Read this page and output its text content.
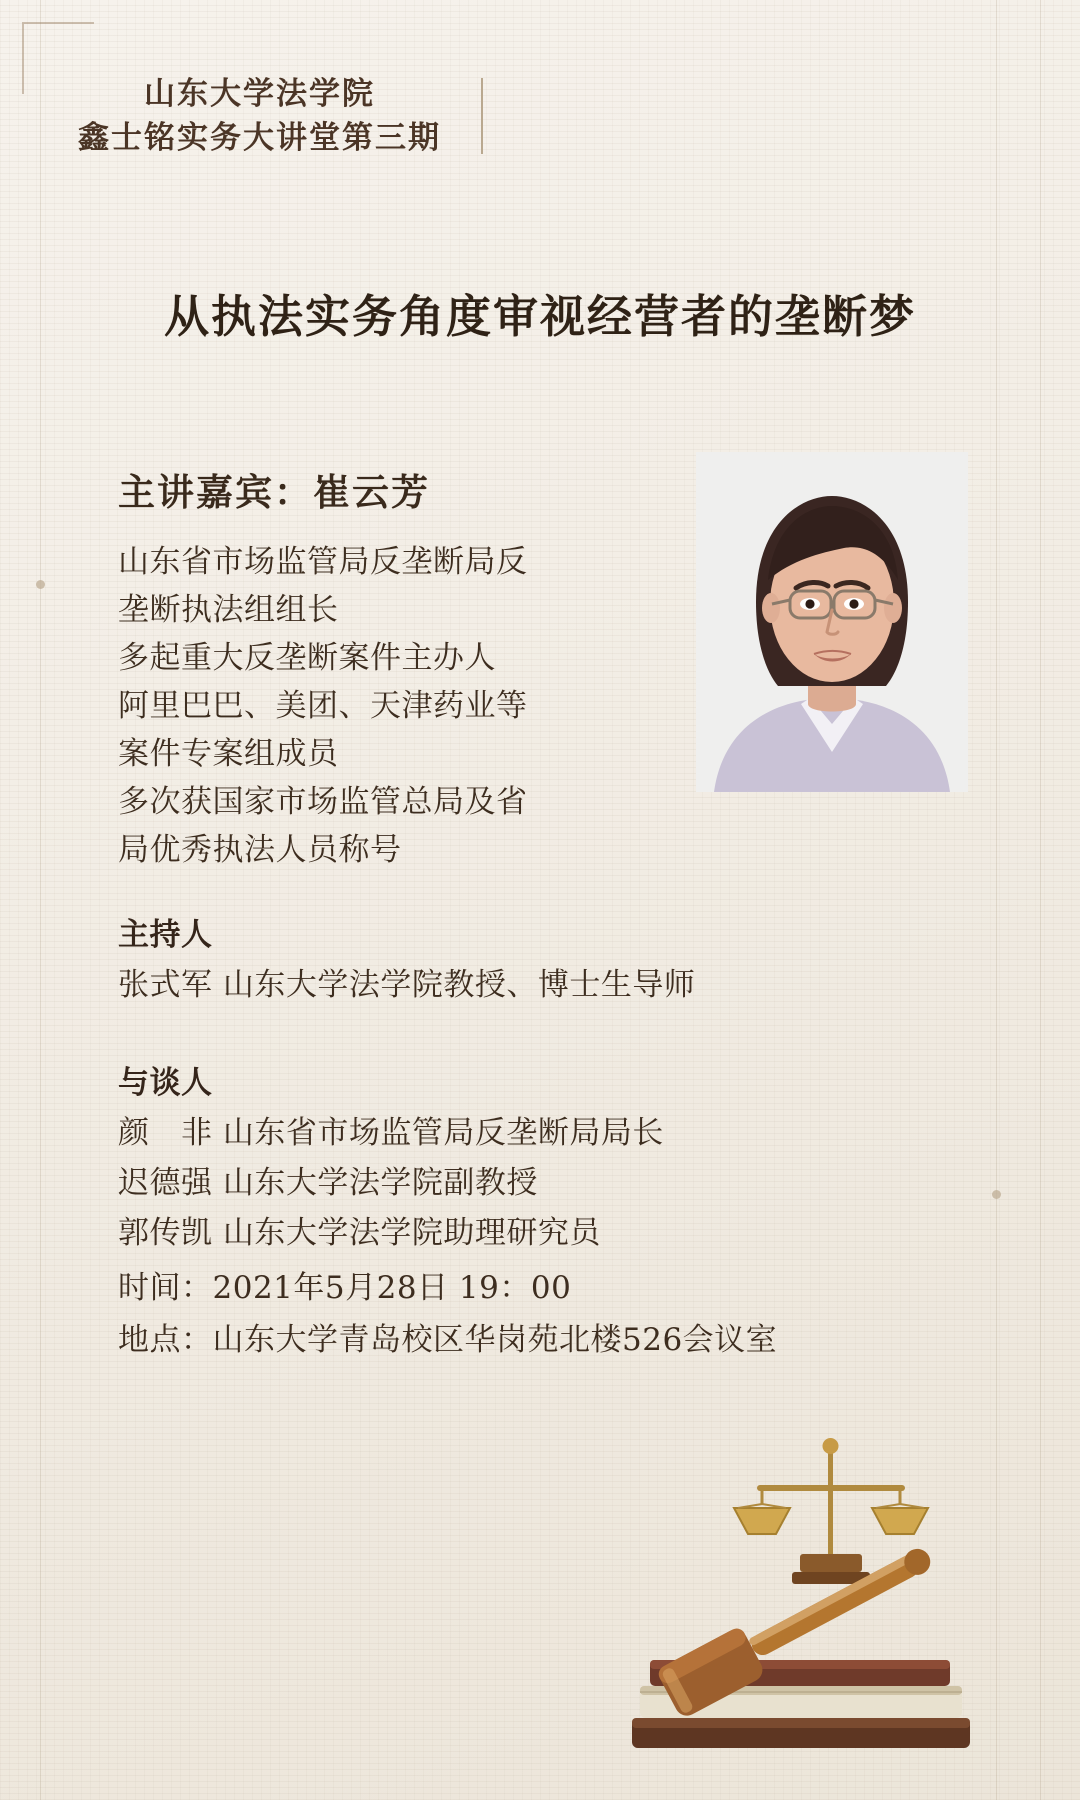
山东大学法学院
鑫士铭实务大讲堂第三期
从执法实务角度审视经营者的垄断梦
主讲嘉宾：崔云芳
山东省市场监管局反垄断局反
垄断执法组组长
多起重大反垄断案件主办人
阿里巴巴、美团、天津药业等
案件专案组成员
多次获国家市场监管总局及省
局优秀执法人员称号
主持人
张式军 山东大学法学院教授、博士生导师
与谈人
颜　非 山东省市场监管局反垄断局局长
迟德强 山东大学法学院副教授
郭传凯 山东大学法学院助理研究员
时间：2021年5月28日 19：00
地点：山东大学青岛校区华岗苑北楼526会议室
